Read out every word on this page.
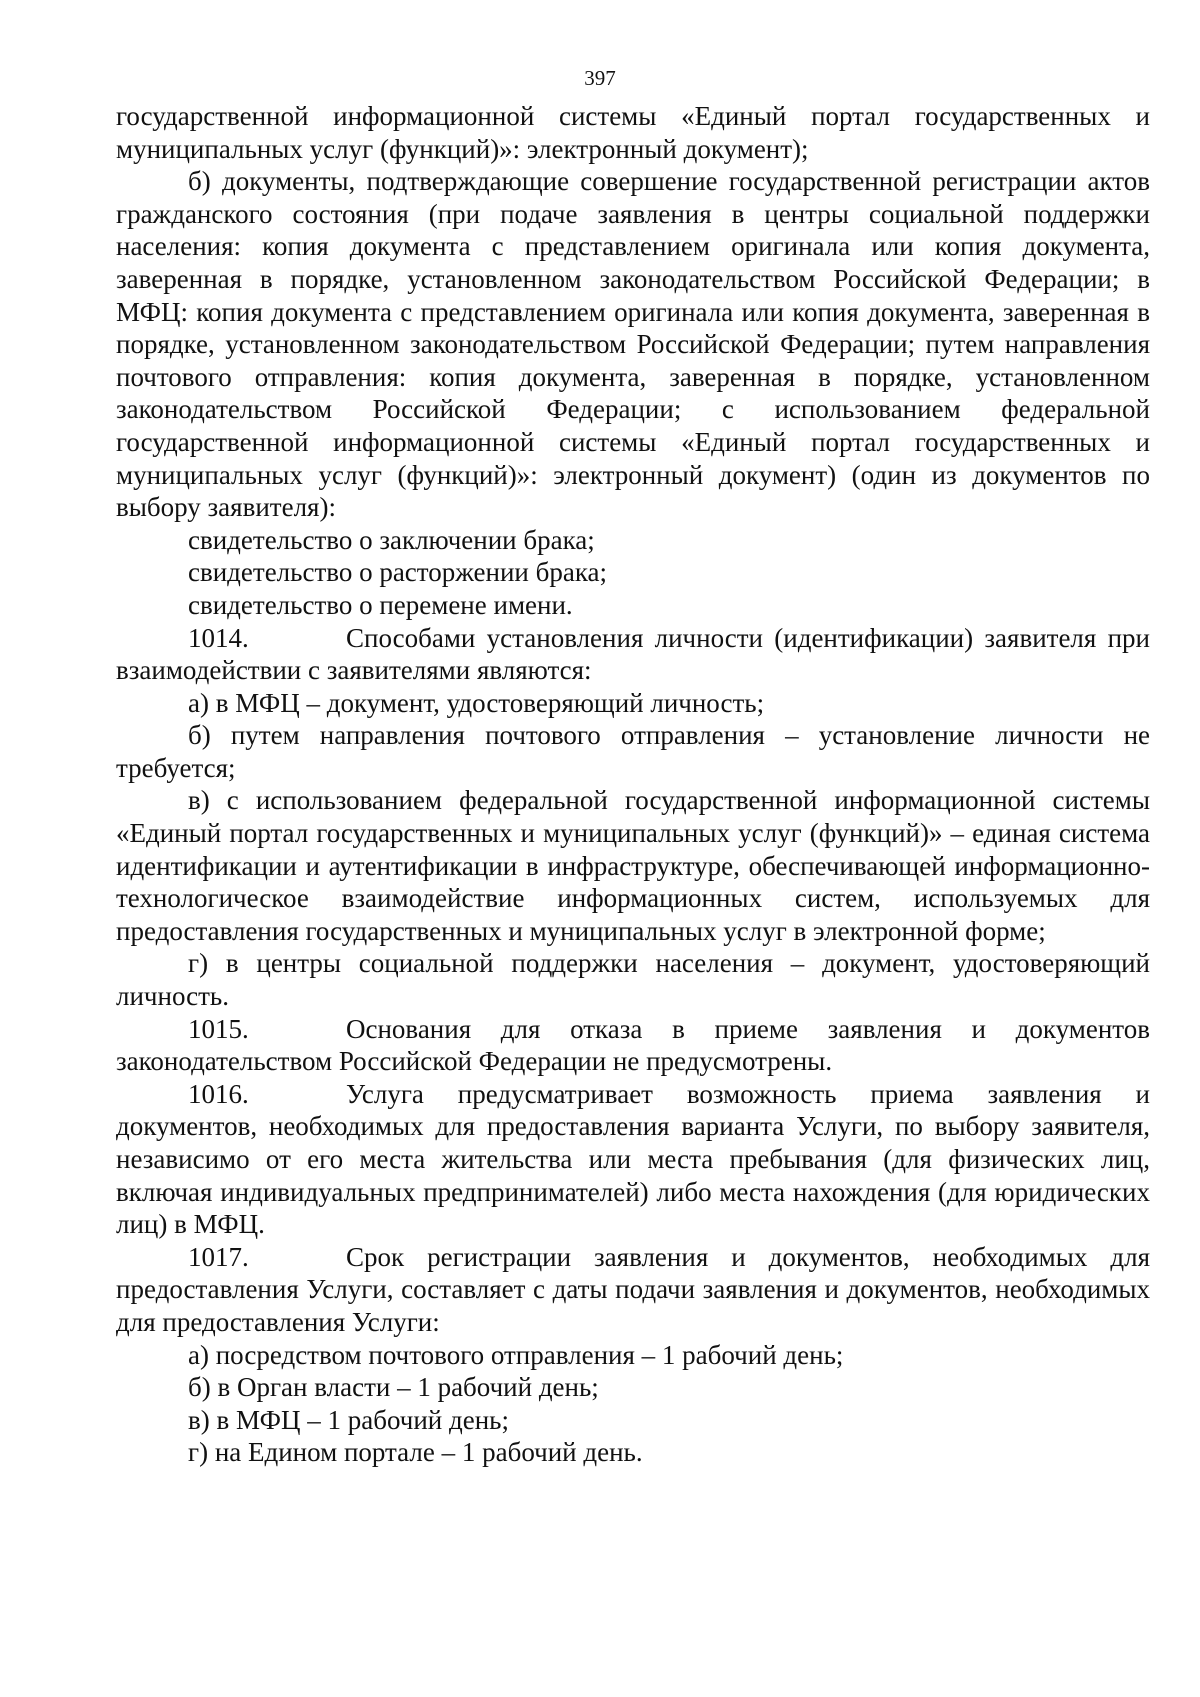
397

государственной информационной системы «Единый портал государственных и муниципальных услуг (функций)»: электронный документ);

б) документы, подтверждающие совершение государственной регистрации актов гражданского состояния (при подаче заявления в центры социальной поддержки населения: копия документа с представлением оригинала или копия документа, заверенная в порядке, установленном законодательством Российской Федерации; в МФЦ: копия документа с представлением оригинала или копия документа, заверенная в порядке, установленном законодательством Российской Федерации; путем направления почтового отправления: копия документа, заверенная в порядке, установленном законодательством Российской Федерации; с использованием федеральной государственной информационной системы «Единый портал государственных и муниципальных услуг (функций)»: электронный документ) (один из документов по выбору заявителя):

свидетельство о заключении брака;

свидетельство о расторжении брака;

свидетельство о перемене имени.

1014.	Способами установления личности (идентификации) заявителя при взаимодействии с заявителями являются:

а) в МФЦ – документ, удостоверяющий личность;

б) путем направления почтового отправления – установление личности не требуется;

в) с использованием федеральной государственной информационной системы «Единый портал государственных и муниципальных услуг (функций)» – единая система идентификации и аутентификации в инфраструктуре, обеспечивающей информационно-технологическое взаимодействие информационных систем, используемых для предоставления государственных и муниципальных услуг в электронной форме;

г) в центры социальной поддержки населения – документ, удостоверяющий личность.

1015.	Основания для отказа в приеме заявления и документов законодательством Российской Федерации не предусмотрены.

1016.	Услуга предусматривает возможность приема заявления и документов, необходимых для предоставления варианта Услуги, по выбору заявителя, независимо от его места жительства или места пребывания (для физических лиц, включая индивидуальных предпринимателей) либо места нахождения (для юридических лиц) в МФЦ.

1017.	Срок регистрации заявления и документов, необходимых для предоставления Услуги, составляет с даты подачи заявления и документов, необходимых для предоставления Услуги:

а) посредством почтового отправления – 1 рабочий день;

б) в Орган власти – 1 рабочий день;

в) в МФЦ – 1 рабочий день;

г) на Едином портале – 1 рабочий день.
